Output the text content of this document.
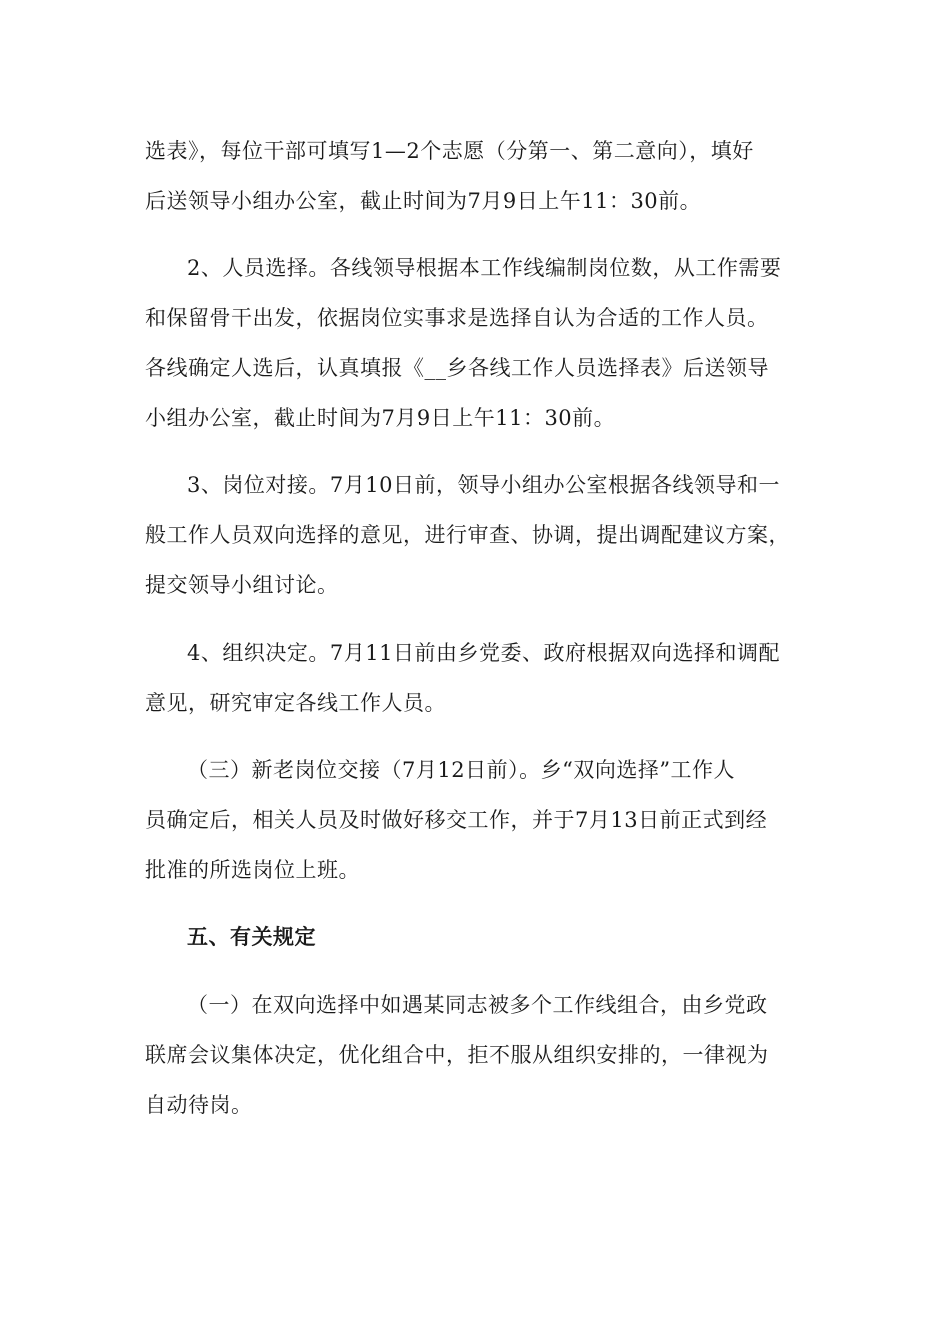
选表》，每位干部可填写1—2个志愿（分第一、第二意向），填好
后送领导小组办公室，截止时间为7月9日上午11：30前。

2、人员选择。各线领导根据本工作线编制岗位数，从工作需要
和保留骨干出发，依据岗位实事求是选择自认为合适的工作人员。
各线确定人选后，认真填报《__乡各线工作人员选择表》后送领导
小组办公室，截止时间为7月9日上午11：30前。

3、岗位对接。7月10日前，领导小组办公室根据各线领导和一
般工作人员双向选择的意见，进行审查、协调，提出调配建议方案，
提交领导小组讨论。

4、组织决定。7月11日前由乡党委、政府根据双向选择和调配
意见，研究审定各线工作人员。

（三）新老岗位交接（7月12日前）。乡“双向选择”工作人
员确定后，相关人员及时做好移交工作，并于7月13日前正式到经
批准的所选岗位上班。

五、有关规定

（一）在双向选择中如遇某同志被多个工作线组合，由乡党政
联席会议集体决定，优化组合中，拒不服从组织安排的，一律视为
自动待岗。
